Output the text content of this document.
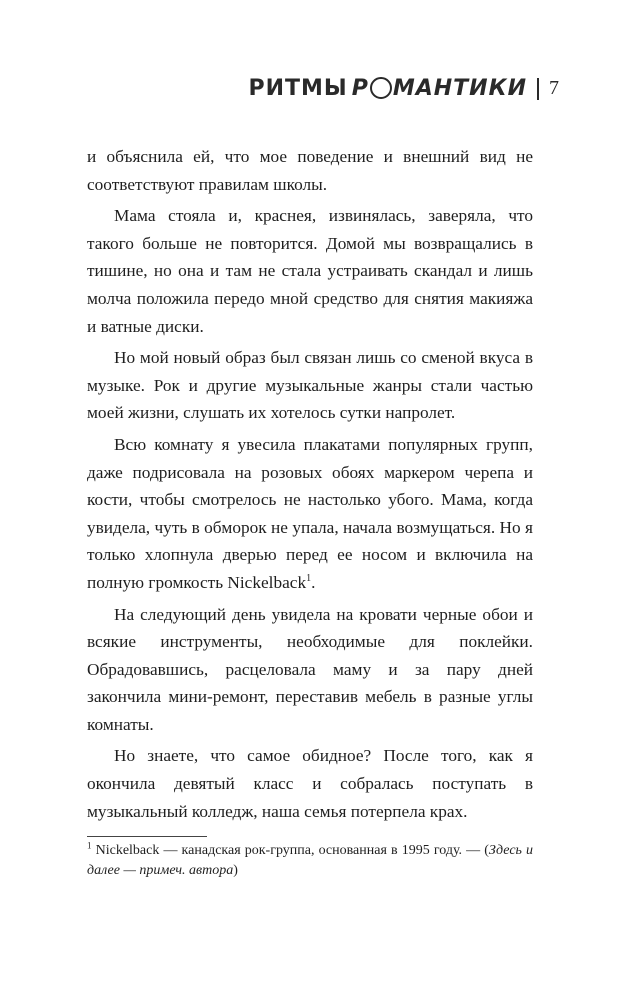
РИТМЫ Р МАНТИКИ 7

и объяснила ей, что мое поведение и внешний вид не соответствуют правилам школы.

Мама стояла и, краснея, извинялась, заверяла, что такого больше не повторится. Домой мы возвращались в тишине, но она и там не стала устраивать скандал и лишь молча положила передо мной средство для снятия макияжа и ватные диски.

Но мой новый образ был связан лишь со сменой вкуса в музыке. Рок и другие музыкальные жанры стали частью моей жизни, слушать их хотелось сутки напролет.

Всю комнату я увесила плакатами популярных групп, даже подрисовала на розовых обоях маркером черепа и кости, чтобы смотрелось не настолько убого. Мама, когда увидела, чуть в обморок не упала, начала возмущаться. Но я только хлопнула дверью перед ее носом и включила на полную громкость Nickelback$^1$.

На следующий день увидела на кровати черные обои и всякие инструменты, необходимые для поклейки. Обрадовавшись, расцеловала маму и за пару дней закончила мини-ремонт, переставив мебель в разные углы комнаты.

Но знаете, что самое обидное? После того, как я окончила девятый класс и собралась поступать в музыкальный колледж, наша семья потерпела крах.

$^1$ Nickelback — канадская рок-группа, основанная в 1995 году. — (Здесь и далее — примеч. автора)
